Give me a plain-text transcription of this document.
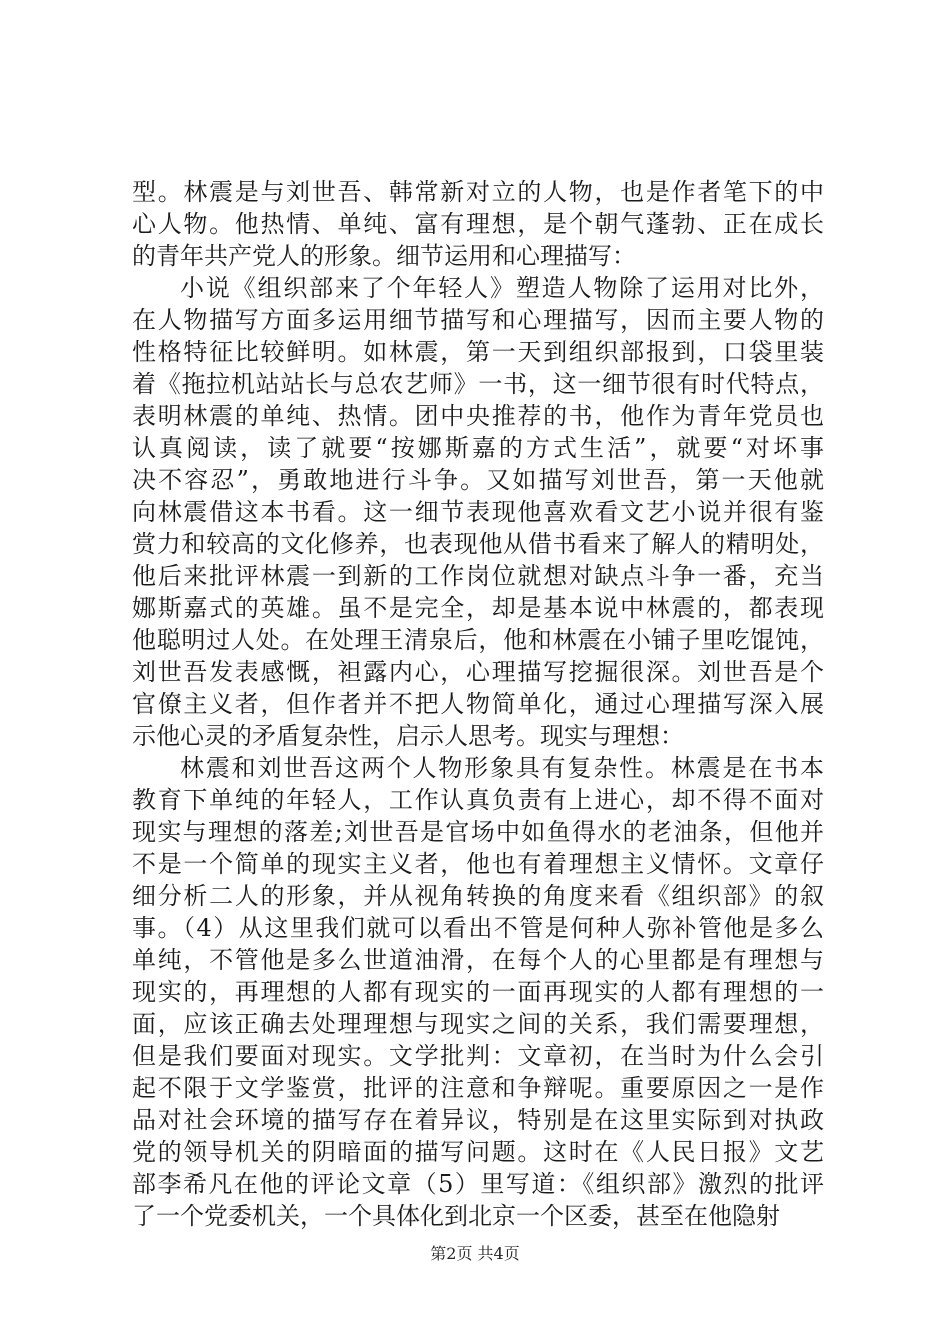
型。林震是与刘世吾、韩常新对立的人物，也是作者笔下的中
心人物。他热情、单纯、富有理想，是个朝气蓬勃、正在成长
的青年共产党人的形象。细节运用和心理描写：
小说《组织部来了个年轻人》塑造人物除了运用对比外，
在人物描写方面多运用细节描写和心理描写，因而主要人物的
性格特征比较鲜明。如林震，第一天到组织部报到，口袋里装
着《拖拉机站站长与总农艺师》一书，这一细节很有时代特点，
表明林震的单纯、热情。团中央推荐的书，他作为青年党员也
认真阅读，读了就要“按娜斯嘉的方式生活”，就要“对坏事
决不容忍”，勇敢地进行斗争。又如描写刘世吾，第一天他就
向林震借这本书看。这一细节表现他喜欢看文艺小说并很有鉴
赏力和较高的文化修养，也表现他从借书看来了解人的精明处，
他后来批评林震一到新的工作岗位就想对缺点斗争一番，充当
娜斯嘉式的英雄。虽不是完全，却是基本说中林震的，都表现
他聪明过人处。在处理王清泉后，他和林震在小铺子里吃馄饨，
刘世吾发表感慨，袒露内心，心理描写挖掘很深。刘世吾是个
官僚主义者，但作者并不把人物简单化，通过心理描写深入展
示他心灵的矛盾复杂性，启示人思考。现实与理想：
林震和刘世吾这两个人物形象具有复杂性。林震是在书本
教育下单纯的年轻人，工作认真负责有上进心，却不得不面对
现实与理想的落差;刘世吾是官场中如鱼得水的老油条，但他并
不是一个简单的现实主义者，他也有着理想主义情怀。文章仔
细分析二人的形象，并从视角转换的角度来看《组织部》的叙
事。（4）从这里我们就可以看出不管是何种人弥补管他是多么
单纯，不管他是多么世道油滑，在每个人的心里都是有理想与
现实的，再理想的人都有现实的一面再现实的人都有理想的一
面，应该正确去处理理想与现实之间的关系，我们需要理想，
但是我们要面对现实。文学批判：文章初，在当时为什么会引
起不限于文学鉴赏，批评的注意和争辩呢。重要原因之一是作
品对社会环境的描写存在着异议，特别是在这里实际到对执政
党的领导机关的阴暗面的描写问题。这时在《人民日报》文艺
部李希凡在他的评论文章（5）里写道：《组织部》激烈的批评
了一个党委机关，一个具体化到北京一个区委，甚至在他隐射
第2页 共4页
